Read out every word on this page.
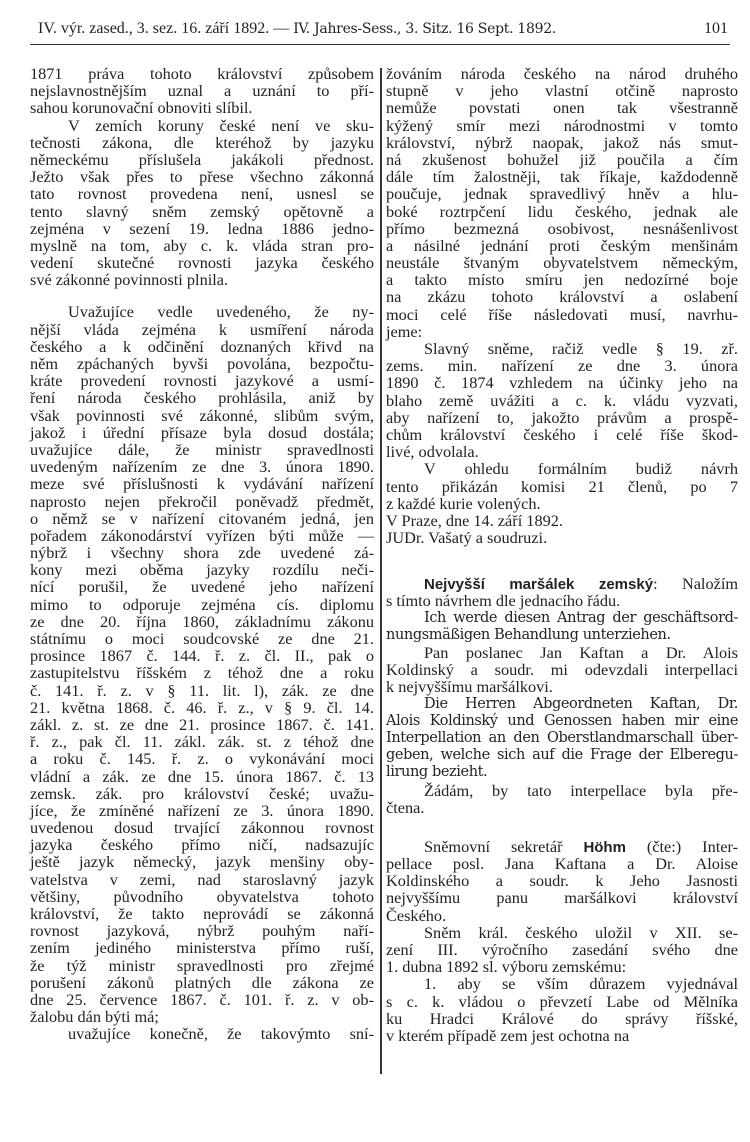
IV. výr. zased., 3. sez. 16. září 1892. — IV. Jahres-Sess., 3. Sitz. 16 Sept. 1892.	101
1871 práva tohoto království způsobem
nejslavnostnějším uznal a uznání to pří-
sahou korunovační obnoviti slíbil.
V zemích koruny české není ve sku-
tečnosti zákona, dle kteréhož by jazyku
německému příslušela jakákoli přednost.
Ježto však přes to přese všechno zákonná
tato rovnost provedena není, usnesl se
tento slavný sněm zemský opětovně a
zejména v sezení 19. ledna 1886 jedno-
myslně na tom, aby c. k. vláda stran pro-
vedení skutečné rovnosti jazyka českého
své zákonné povinnosti plnila.
Uvažujíce vedle uvedeného, že ny-
nější vláda zejména k usmíření národa
českého a k odčinění doznaných křivd na
něm zpáchaných byvši povolána, bezpočtu-
kráte provedení rovnosti jazykové a usmí-
ření národa českého prohlásila, aniž by
však povinnosti své zákonné, slibům svým,
jakož i úřední přísaze byla dosud dostála;
uvažujíce dále, že ministr spravedlnosti
uvedeným nařízením ze dne 3. února 1890.
meze své příslušnosti k vydávání nařízení
naprosto nejen překročil poněvadž předmět,
o němž se v nařízení citovaném jedná, jen
pořadem zákonodárství vyřízen býti může —
nýbrž i všechny shora zde uvedené zá-
kony mezi oběma jazyky rozdílu neči-
nící porušil, že uvedené jeho nařízení
mimo to odporuje zejména cís. diplomu
ze dne 20. října 1860, základnímu zákonu
státnímu o moci soudcovské ze dne 21.
prosince 1867 č. 144. ř. z. čl. II., pak o
zastupitelstvu říšském z téhož dne a roku
č. 141. ř. z. v § 11. lit. l), zák. ze dne
21. května 1868. č. 46. ř. z., v § 9. čl. 14.
zákl. z. st. ze dne 21. prosince 1867. č. 141.
ř. z., pak čl. 11. zákl. zák. st. z téhož dne
a roku č. 145. ř. z. o vykonávání moci
vládní a zák. ze dne 15. února 1867. č. 13
zemsk. zák. pro království české; uvažu-
jíce, že zmíněné nařízení ze 3. února 1890.
uvedenou dosud trvající zákonnou rovnost
jazyka českého přímo ničí, nadsazujíc
ještě jazyk německý, jazyk menšiny oby-
vatelstva v zemi, nad staroslavný jazyk
většiny, původního obyvatelstva tohoto
království, že takto neprovádí se zákonná
rovnost jazyková, nýbrž pouhým naří-
zením jediného ministerstva přímo ruší,
že týž ministr spravedlnosti pro zřejmé
porušení zákonů platných dle zákona ze
dne 25. července 1867. č. 101. ř. z. v ob-
žalobu dán býti má;
uvažujíce konečně, že takovýmto sní-
žováním národa českého na národ druhého
stupně v jeho vlastní otčině naprosto
nemůže povstati onen tak všestranně
kýžený smír mezi národnostmi v tomto
království, nýbrž naopak, jakož nás smut-
ná zkušenost bohužel již poučila a čím
dále tím žalostněji, tak říkaje, každodenně
poučuje, jednak spravedlivý hněv a hlu-
boké roztrpčení lidu českého, jednak ale
přímo bezmezná osobivost, nesnášenlivost
a násilné jednání proti českým menšinám
neustále štvaným obyvatelstvem německým,
a takto místo smíru jen nedozírné boje
na zkázu tohoto království a oslabení
moci celé říše následovati musí, navrhu-
jeme:
Slavný sněme, račiž vedle § 19. zř.
zems. min. nařízení ze dne 3. února
1890 č. 1874 vzhledem na účinky jeho na
blaho země uvážiti a c. k. vládu vyzvati,
aby nařízení to, jakožto právům a prospě-
chům království českého i celé říše škod-
livé, odvolala.
V ohledu formálním budiž návrh
tento přikázán komisi 21 členů, po 7
z každé kurie volených.
V Praze, dne 14. září 1892.
JUDr. Vašatý a soudruzi.
Nejvyšší maršálek zemský: Naložím
s tímto návrhem dle jednacího řádu.
Ich werde diesen Antrag der geschäftsord-
nungsmäßigen Behandlung unterziehen.
Pan poslanec Jan Kaftan a Dr. Alois
Koldinský a soudr. mi odevzdali interpellaci
k nejvyššímu maršálkovi.
Die Herren Abgeordneten Kaftan, Dr.
Alois Koldinský und Genossen haben mir eine
Interpellation an den Oberstlandmarschall über-
geben, welche sich auf die Frage der Elberegu-
lirung bezieht.
Žádám, by tato interpellace byla pře-
čtena.
Sněmovní sekretář Höhm (čte:) Inter-
pellace posl. Jana Kaftana a Dr. Aloise
Koldinského a soudr. k Jeho Jasnosti
nejvyššímu panu maršálkovi království
Českého.
Sněm král. českého uložil v XII. se-
zení III. výročního zasedání svého dne
1. dubna 1892 sl. výboru zemskému:
1. aby se vším důrazem vyjednával
s c. k. vládou o převzetí Labe od Mělníka
ku Hradci Králové do správy říšské,
v kterém případě zem jest ochotna na
